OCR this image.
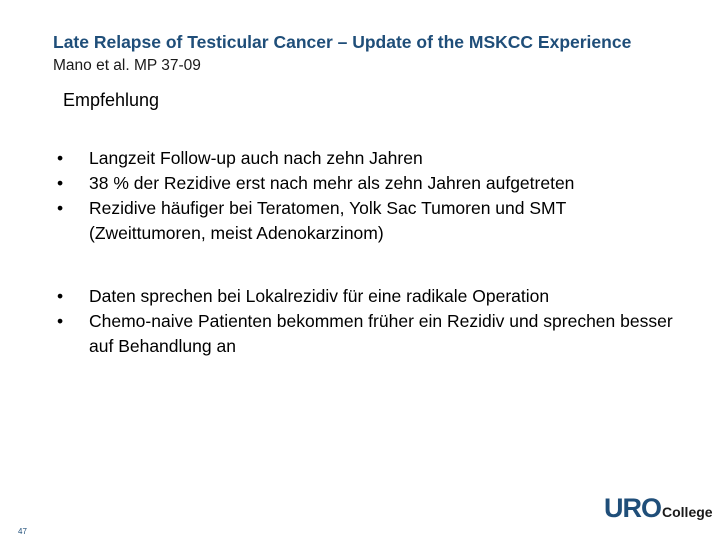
Late Relapse of Testicular Cancer – Update of the MSKCC Experience Mano et al. MP 37-09
Empfehlung
•	Langzeit Follow-up auch nach zehn Jahren
•	38 % der Rezidive erst nach mehr als zehn Jahren aufgetreten
•	Rezidive häufiger bei Teratomen, Yolk Sac Tumoren und SMT (Zweittumoren, meist Adenokarzinom)
•	Daten sprechen bei Lokalrezidiv für eine radikale Operation
•	Chemo-naive Patienten bekommen früher ein Rezidiv und sprechen besser auf Behandlung an
UROCollege
47
